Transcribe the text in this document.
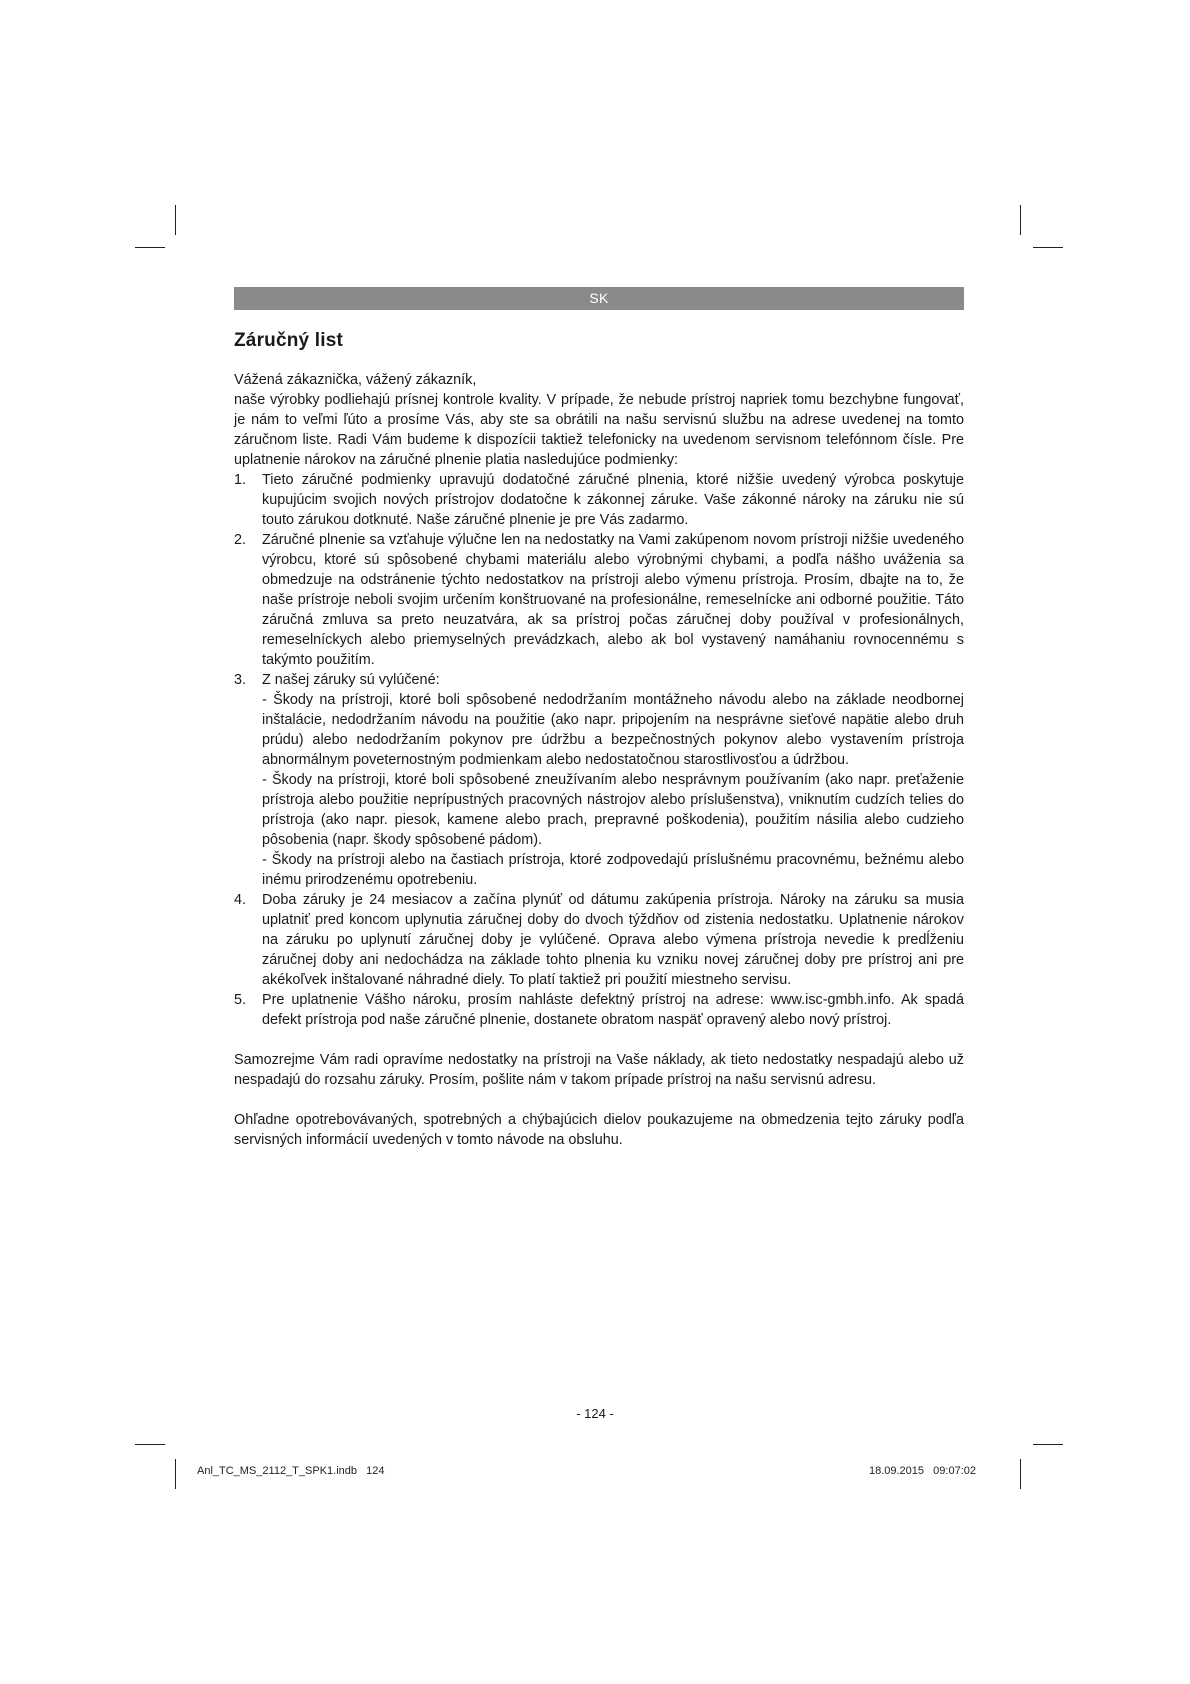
SK
Záručný list

Vážená zákaznička, vážený zákazník,

naše výrobky podliehajú prísnej kontrole kvality. V prípade, že nebude prístroj napriek tomu bezchybne fungovať, je nám to veľmi ľúto a prosíme Vás, aby ste sa obrátili na našu servisnú službu na adrese uvedenej na tomto záručnom liste. Radi Vám budeme k dispozícii taktiež telefonicky na uvedenom servisnom telefónnom čísle. Pre uplatnenie nárokov na záručné plnenie platia nasledujúce podmienky:

1.	Tieto záručné podmienky upravujú dodatočné záručné plnenia, ktoré nižšie uvedený výrobca poskytuje kupujúcim svojich nových prístrojov dodatočne k zákonnej záruke. Vaše zákonné nároky na záruku nie sú touto zárukou dotknuté. Naše záručné plnenie je pre Vás zadarmo.

2.	Záručné plnenie sa vzťahuje výlučne len na nedostatky na Vami zakúpenom novom prístroji nižšie uvedeného výrobcu, ktoré sú spôsobené chybami materiálu alebo výrobnými chybami, a podľa nášho uváženia sa obmedzuje na odstránenie týchto nedostatkov na prístroji alebo výmenu prístroja. Prosím, dbajte na to, že naše prístroje neboli svojim určením konštruované na profesionálne, remeselnícke ani odborné použitie. Táto záručná zmluva sa preto neuzatvára, ak sa prístroj počas záručnej doby používal v profesionálnych, remeselníckych alebo priemyselných prevádzkach, alebo ak bol vystavený namáhaniu rovnocennému s takýmto použitím.

3.	Z našej záruky sú vylúčené:

- Škody na prístroji, ktoré boli spôsobené nedodržaním montážneho návodu alebo na základe neodbornej inštalácie, nedodržaním návodu na použitie (ako napr. pripojením na nesprávne sieťové napätie alebo druh prúdu) alebo nedodržaním pokynov pre údržbu a bezpečnostných pokynov alebo vystavením prístroja abnormálnym poveternostným podmienkam alebo nedostatočnou starostlivosťou a údržbou.

- Škody na prístroji, ktoré boli spôsobené zneužívaním alebo nesprávnym používaním (ako napr. preťaženie prístroja alebo použitie neprípustných pracovných nástrojov alebo príslušenstva), vniknutím cudzích telies do prístroja (ako napr. piesok, kamene alebo prach, prepravné poškodenia), použitím násilia alebo cudzieho pôsobenia (napr. škody spôsobené pádom).

- Škody na prístroji alebo na častiach prístroja, ktoré zodpovedajú príslušnému pracovnému, bežnému alebo inému prirodzenému opotrebeniu.

4.	Doba záruky je 24 mesiacov a začína plynúť od dátumu zakúpenia prístroja. Nároky na záruku sa musia uplatniť pred koncom uplynutia záručnej doby do dvoch týždňov od zistenia nedostatku. Uplatnenie nárokov na záruku po uplynutí záručnej doby je vylúčené. Oprava alebo výmena prístroja nevedie k predĺženiu záručnej doby ani nedochádza na základe tohto plnenia ku vzniku novej záručnej doby pre prístroj ani pre akékoľvek inštalované náhradné diely. To platí taktiež pri použití miestneho servisu.

5.	Pre uplatnenie Vášho nároku, prosím nahláste defektný prístroj na adrese: www.isc-gmbh.info. Ak spadá defekt prístroja pod naše záručné plnenie, dostanete obratom naspäť opravený alebo nový prístroj.

Samozrejme Vám radi opravíme nedostatky na prístroji na Vaše náklady, ak tieto nedostatky nespadajú alebo už nespadajú do rozsahu záruky. Prosím, pošlite nám v takom prípade prístroj na našu servisnú adresu.

Ohľadne opotrebovávaných, spotrebných a chýbajúcich dielov poukazujeme na obmedzenia tejto záruky podľa servisných informácií uvedených v tomto návode na obsluhu.

- 124 -
Anl_TC_MS_2112_T_SPK1.indb   124	18.09.2015   09:07:02
